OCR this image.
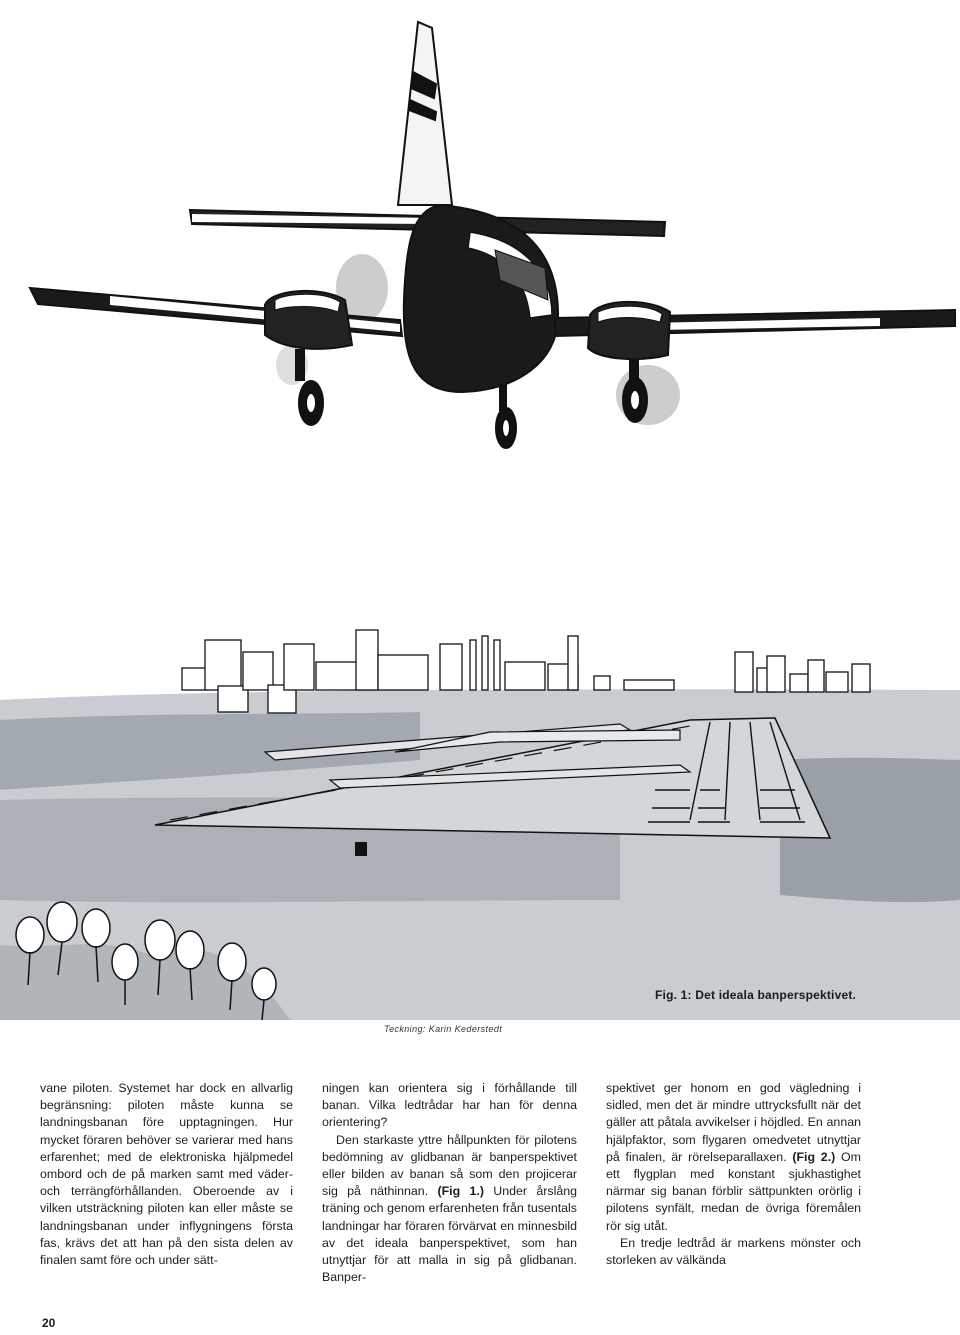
Fig. 1: Det ideala banperspektivet.
Teckning: Karin Kederstedt

vane piloten. Systemet har dock en allvarlig begränsning: piloten måste kunna se landningsbanan före upptagningen. Hur mycket föraren behöver se varierar med hans erfarenhet; med de elektroniska hjälpmedel ombord och de på marken samt med väder- och terrängförhållanden. Oberoende av i vilken utsträckning piloten kan eller måste se landningsbanan under inflygningens första fas, krävs det att han på den sista delen av finalen samt före och under sätt-

ningen kan orientera sig i förhållande till banan. Vilka ledtrådar har han för denna orientering?

Den starkaste yttre hållpunkten för pilotens bedömning av glidbanan är banperspektivet eller bilden av banan så som den projicerar sig på näthinnan. (Fig 1.) Under årslång träning och genom erfarenheten från tusentals landningar har föraren förvärvat en minnesbild av det ideala banperspektivet, som han utnyttjar för att malla in sig på glidbanan. Banper-

spektivet ger honom en god vägledning i sidled, men det är mindre uttrycksfullt när det gäller att påtala avvikelser i höjdled. En annan hjälpfaktor, som flygaren omedvetet utnyttjar på finalen, är rörelseparallaxen. (Fig 2.) Om ett flygplan med konstant sjukhastighet närmar sig banan förblir sättpunkten orörlig i pilotens synfält, medan de övriga föremålen rör sig utåt.

En tredje ledtråd är markens mönster och storleken av välkända

20
